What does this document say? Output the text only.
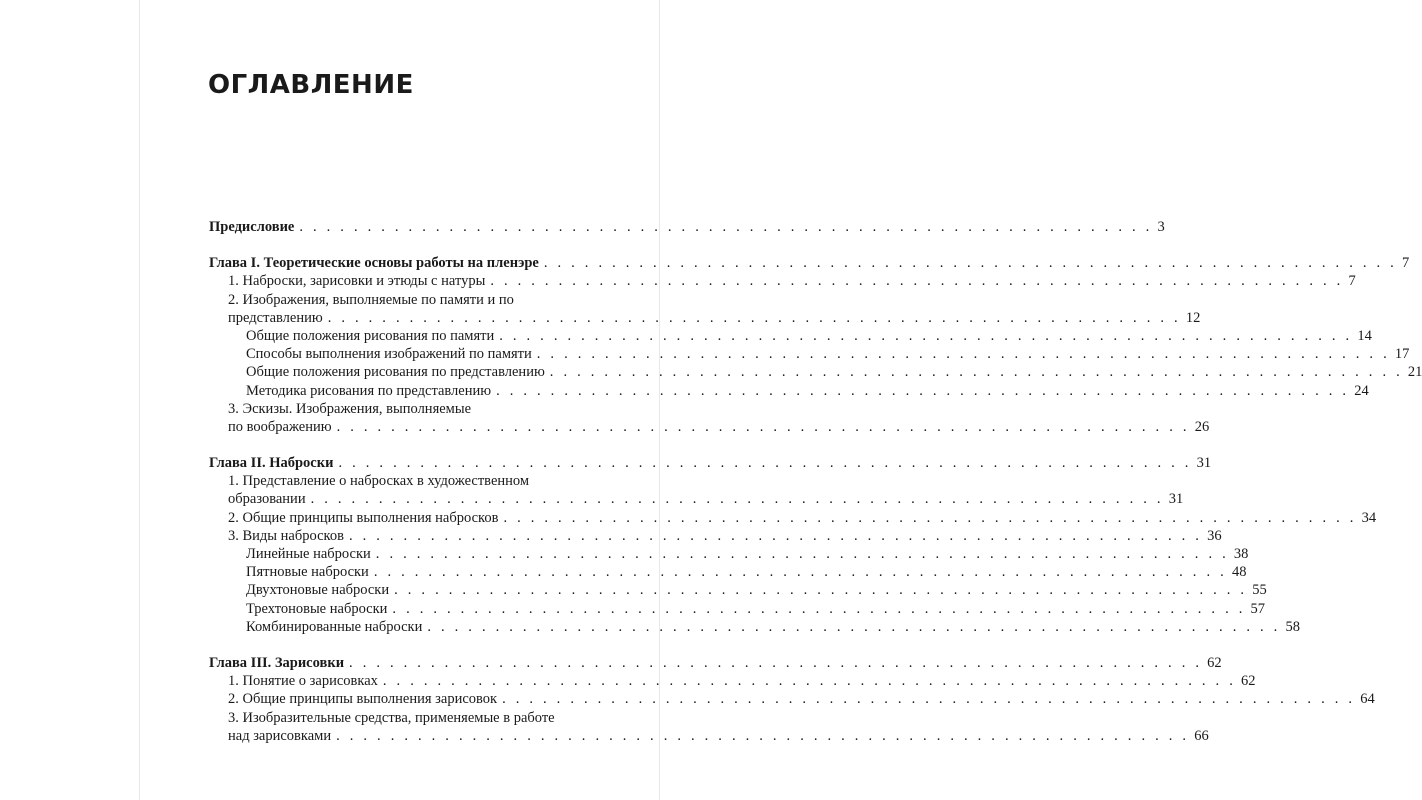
ОГЛАВЛЕНИЕ
Предисловие . . . . . . . . . . . . . . . . . . . . . . . . . . . . . . . . . . . . . . . . . . . . . . . . . . . . . . . . . . . . . . . 3
Глава I. Теоретические основы работы на пленэре . . . . . . . . . . . . . . . . . . . . . . . . . . . . . . . . . . . . . . . . . . . . . . . . . . . . . . . . . . . . . . . 7
1. Наброски, зарисовки и этюды с натуры . . . . . . . . . . . . . . . . . . . . . . . . . . . . . . . . . . . . . . . . . . . . . . . . . . . . . . . . . . . . . . . 7
2. Изображения, выполняемые по памяти и по
представлению . . . . . . . . . . . . . . . . . . . . . . . . . . . . . . . . . . . . . . . . . . . . . . . . . . . . . . . . . . . . . . . 12
Общие положения рисования по памяти . . . . . . . . . . . . . . . . . . . . . . . . . . . . . . . . . . . . . . . . . . . . . . . . . . . . . . . . . . . . . . . 14
Способы выполнения изображений по памяти . . . . . . . . . . . . . . . . . . . . . . . . . . . . . . . . . . . . . . . . . . . . . . . . . . . . . . . . . . . . . . . 17
Общие положения рисования по представлению . . . . . . . . . . . . . . . . . . . . . . . . . . . . . . . . . . . . . . . . . . . . . . . . . . . . . . . . . . . . . . . 21
Методика рисования по представлению . . . . . . . . . . . . . . . . . . . . . . . . . . . . . . . . . . . . . . . . . . . . . . . . . . . . . . . . . . . . . . . 24
3. Эскизы. Изображения, выполняемые
по воображению . . . . . . . . . . . . . . . . . . . . . . . . . . . . . . . . . . . . . . . . . . . . . . . . . . . . . . . . . . . . . . . 26
Глава II. Наброски . . . . . . . . . . . . . . . . . . . . . . . . . . . . . . . . . . . . . . . . . . . . . . . . . . . . . . . . . . . . . . . 31
1. Представление о набросках в художественном
образовании . . . . . . . . . . . . . . . . . . . . . . . . . . . . . . . . . . . . . . . . . . . . . . . . . . . . . . . . . . . . . . . 31
2. Общие принципы выполнения набросков . . . . . . . . . . . . . . . . . . . . . . . . . . . . . . . . . . . . . . . . . . . . . . . . . . . . . . . . . . . . . . . 34
3. Виды набросков . . . . . . . . . . . . . . . . . . . . . . . . . . . . . . . . . . . . . . . . . . . . . . . . . . . . . . . . . . . . . . . 36
Линейные наброски . . . . . . . . . . . . . . . . . . . . . . . . . . . . . . . . . . . . . . . . . . . . . . . . . . . . . . . . . . . . . . . 38
Пятновые наброски . . . . . . . . . . . . . . . . . . . . . . . . . . . . . . . . . . . . . . . . . . . . . . . . . . . . . . . . . . . . . . . 48
Двухтоновые наброски . . . . . . . . . . . . . . . . . . . . . . . . . . . . . . . . . . . . . . . . . . . . . . . . . . . . . . . . . . . . . . . 55
Трехтоновые наброски . . . . . . . . . . . . . . . . . . . . . . . . . . . . . . . . . . . . . . . . . . . . . . . . . . . . . . . . . . . . . . . 57
Комбинированные наброски . . . . . . . . . . . . . . . . . . . . . . . . . . . . . . . . . . . . . . . . . . . . . . . . . . . . . . . . . . . . . . . 58
Глава III. Зарисовки . . . . . . . . . . . . . . . . . . . . . . . . . . . . . . . . . . . . . . . . . . . . . . . . . . . . . . . . . . . . . . . 62
1. Понятие о зарисовках . . . . . . . . . . . . . . . . . . . . . . . . . . . . . . . . . . . . . . . . . . . . . . . . . . . . . . . . . . . . . . . 62
2. Общие принципы выполнения зарисовок . . . . . . . . . . . . . . . . . . . . . . . . . . . . . . . . . . . . . . . . . . . . . . . . . . . . . . . . . . . . . . . 64
3. Изобразительные средства, применяемые в работе
над зарисовками . . . . . . . . . . . . . . . . . . . . . . . . . . . . . . . . . . . . . . . . . . . . . . . . . . . . . . . . . . . . . . . 66
